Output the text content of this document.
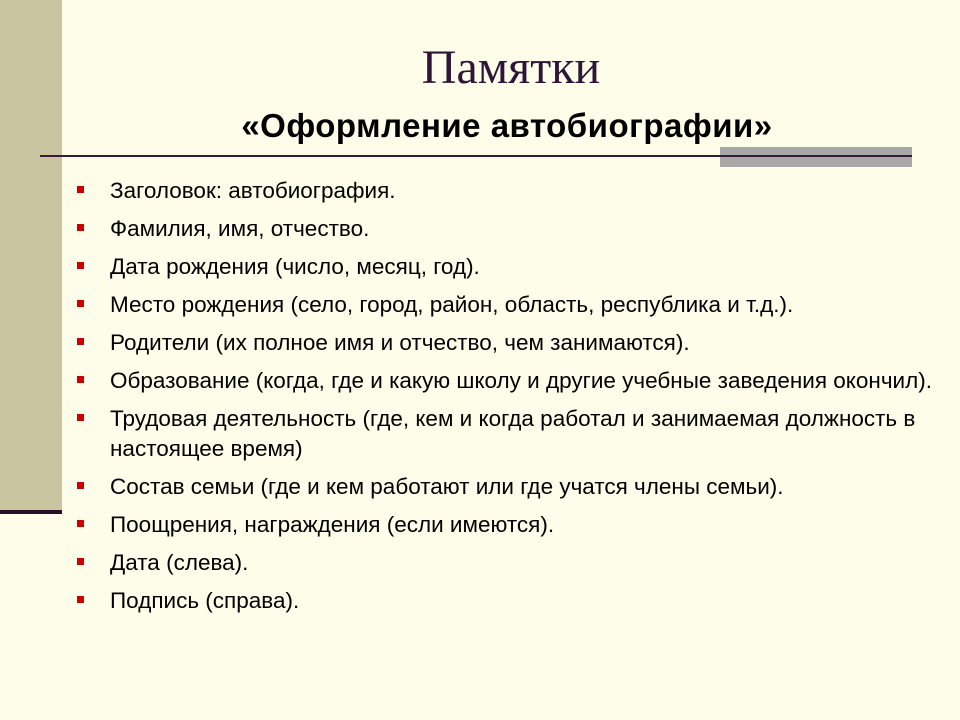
Памятки
«Оформление автобиографии»
Заголовок: автобиография.
Фамилия, имя, отчество.
Дата рождения (число, месяц, год).
Место рождения (село, город, район, область, республика и т.д.).
Родители (их полное имя и отчество, чем занимаются).
Образование (когда, где и какую школу и другие учебные заведения окончил).
Трудовая деятельность (где, кем и когда работал и занимаемая должность в настоящее время)
Состав семьи (где и кем работают или где учатся члены семьи).
Поощрения, награждения (если имеются).
Дата (слева).
Подпись (справа).
